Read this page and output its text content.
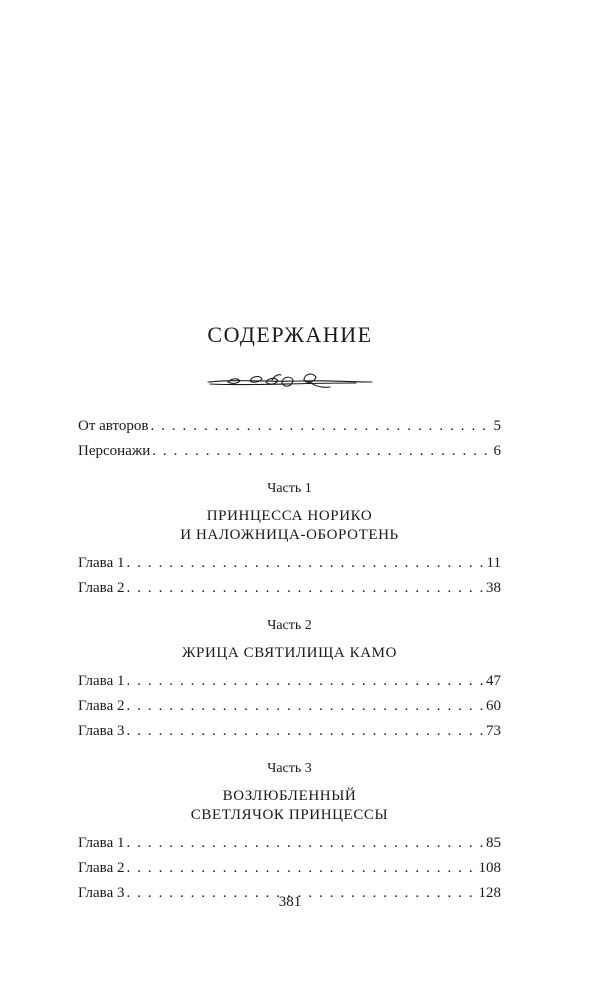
СОДЕРЖАНИЕ
От авторов . . .	5
Персонажи . . .	6
Часть 1
ПРИНЦЕССА НОРИКО
И НАЛОЖНИЦА-ОБОРОТЕНЬ
Глава 1 . . .	11
Глава 2 . . .	38
Часть 2
ЖРИЦА СВЯТИЛИЩА КАМО
Глава 1 . . .	47
Глава 2 . . .	60
Глава 3 . . .	73
Часть 3
ВОЗЛЮБЛЕННЫЙ
СВЕТЛЯЧОК ПРИНЦЕССЫ
Глава 1 . . .	85
Глава 2 . . .	108
Глава 3 . . .	128
381
